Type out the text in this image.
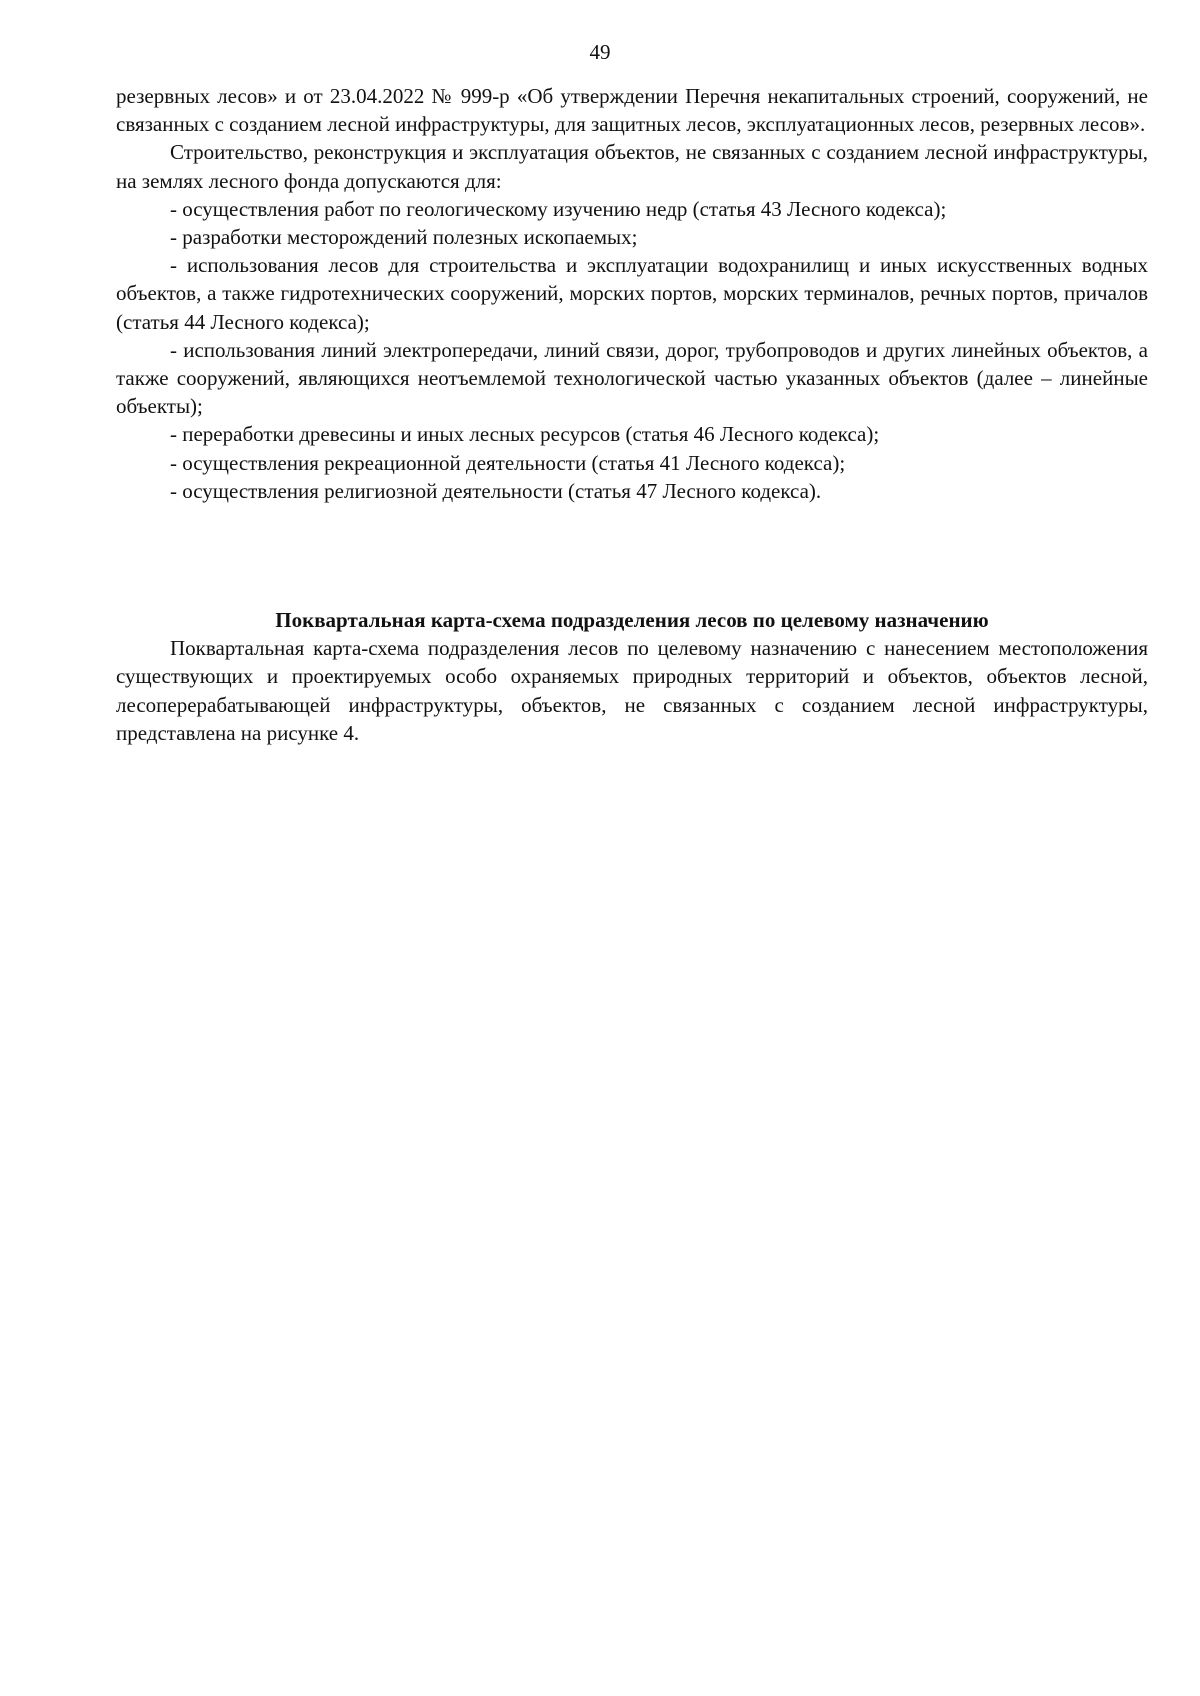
49

резервных лесов» и от 23.04.2022 № 999-р «Об утверждении Перечня некапитальных строений, сооружений, не связанных с созданием лесной инфраструктуры, для защитных лесов, эксплуатационных лесов, резервных лесов».

Строительство, реконструкция и эксплуатация объектов, не связанных с созданием лесной инфраструктуры, на землях лесного фонда допускаются для:

- осуществления работ по геологическому изучению недр (статья 43 Лесного кодекса);

- разработки месторождений полезных ископаемых;

- использования лесов для строительства и эксплуатации водохранилищ и иных искусственных водных объектов, а также гидротехнических сооружений, морских портов, морских терминалов, речных портов, причалов (статья 44 Лесного кодекса);

- использования линий электропередачи, линий связи, дорог, трубопроводов и других линейных объектов, а также сооружений, являющихся неотъемлемой технологической частью указанных объектов (далее – линейные объекты);

- переработки древесины и иных лесных ресурсов (статья 46 Лесного кодекса);

- осуществления рекреационной деятельности (статья 41 Лесного кодекса);

- осуществления религиозной деятельности (статья 47 Лесного кодекса).

Поквартальная карта-схема подразделения лесов по целевому назначению

Поквартальная карта-схема подразделения лесов по целевому назначению с нанесением местоположения существующих и проектируемых особо охраняемых природных территорий и объектов, объектов лесной, лесоперерабатывающей инфраструктуры, объектов, не связанных с созданием лесной инфраструктуры, представлена на рисунке 4.
